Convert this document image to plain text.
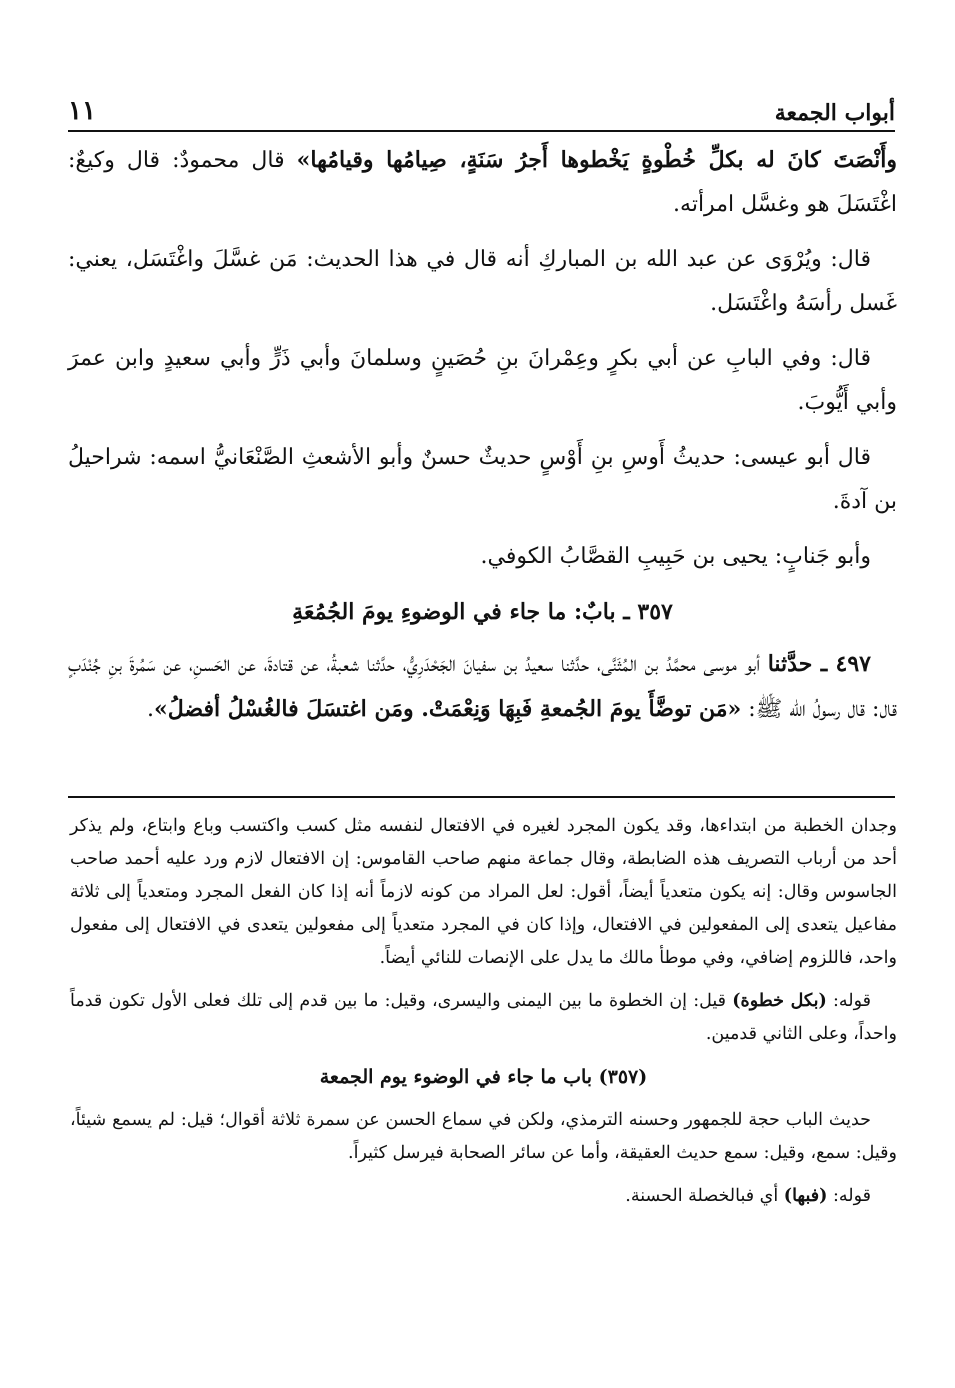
١١	أبواب الجمعة

وأَنْصَتَ كانَ له بكلِّ خُطْوةٍ يَخْطوها أَجرُ سَنَةٍ، صِيامُها وقيامُها» قال محمودٌ: قال وكيعٌ: اغْتَسَلَ هو وغسَّل امرأته.

قال: ويُرْوَى عن عبد الله بن المباركِ أنه قال في هذا الحديث: مَن غسَّلَ واغْتَسَل، يعني: غَسل رأسَهُ واغْتَسَل.

قال: وفي البابِ عن أبي بكرٍ وعِمْرانَ بنِ حُصَينٍ وسلمانَ وأبي ذَرٍّ وأبي سعيدٍ وابن عمرَ وأبي أَيُّوبَ.

قال أبو عيسى: حديثُ أَوسِ بنِ أَوْسٍ حديثٌ حسنٌ وأبو الأشعثِ الصَّنْعَانيُّ اسمه: شراحيلُ بن آدةَ.

وأبو جَنابٍ: يحيى بن حَبِيبِ القصَّابُ الكوفي.

٣٥٧ ـ بابٌ: ما جاء في الوضوءِ يومَ الجُمُعَةِ

٤٩٧ ـ حدَّثنا أبو موسى محمَّدُ بن المُثَنَّى، حدَّثنا سعيدُ بن سفيانَ الجَحْدَرِيُّ، حدَّثنا شعبةُ، عن قتادةَ، عن الحَسنِ، عن سَمُرةَ بنِ جُنْدَبٍ قال: قال رسولُ الله ﷺ: «مَن توضَّأَ يومَ الجُمعةِ فَبِهَا وَنِعْمَتْ. ومَن اغتسَلَ فالغُسْلُ أفضلُ».

وجدان الخطبة من ابتداءها، وقد يكون المجرد لغيره في الافتعال لنفسه مثل كسب واكتسب وباع وابتاع، ولم يذكر أحد من أرباب التصريف هذه الضابطة، وقال جماعة منهم صاحب القاموس: إن الافتعال لازم ورد عليه أحمد صاحب الجاسوس وقال: إنه يكون متعدياً أيضاً، أقول: لعل المراد من كونه لازماً أنه إذا كان الفعل المجرد ومتعدياً إلى ثلاثة مفاعيل يتعدى إلى المفعولين في الافتعال، وإذا كان في المجرد متعدياً إلى مفعولين يتعدى في الافتعال إلى مفعول واحد، فاللزوم إضافي، وفي موطأ مالك ما يدل على الإنصات للنائي أيضاً.

قوله: (بكل خطوة) قيل: إن الخطوة ما بين اليمنى واليسرى، وقيل: ما بين قدم إلى تلك فعلى الأول تكون قدماً واحداً، وعلى الثاني قدمين.

(٣٥٧) باب ما جاء في الوضوء يوم الجمعة

حديث الباب حجة للجمهور وحسنه الترمذي، ولكن في سماع الحسن عن سمرة ثلاثة أقوال؛ قيل: لم يسمع شيئاً، وقيل: سمع، وقيل: سمع حديث العقيقة، وأما عن سائر الصحابة فيرسل كثيراً.

قوله: (فبها) أي فبالخصلة الحسنة.
